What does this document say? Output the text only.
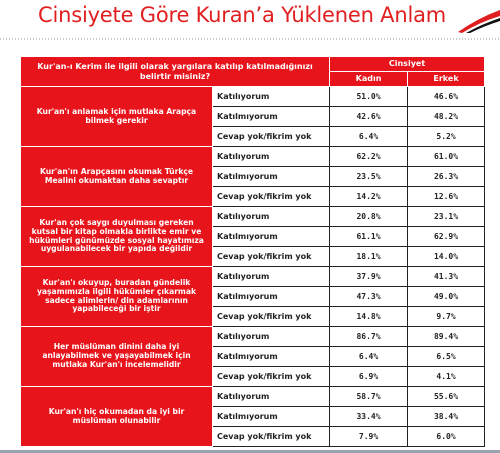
Cinsiyete Göre Kuran’a Yüklenen Anlam
Kur'an-ı Kerim ile ilgili olarak yargılara katılıp katılmadığınızı belirtir misiniz?		Cinsiyet	
		Kadın	Erkek
Kur'an'ı anlamak için mutlaka Arapça bilmek gerekir	Katılıyorum	51.0%	46.6%
	Katılmıyorum	42.6%	48.2%
	Cevap yok/fikrim yok	6.4%	5.2%
Kur'an'ın Arapçasını okumak Türkçe Mealini okumaktan daha sevaptır	Katılıyorum	62.2%	61.0%
	Katılmıyorum	23.5%	26.3%
	Cevap yok/fikrim yok	14.2%	12.6%
Kur'an çok saygı duyulması gereken kutsal bir kitap olmakla birlikte emir ve hükümleri günümüzde sosyal hayatımıza uygulanabilecek bir yapıda değildir	Katılıyorum	20.8%	23.1%
	Katılmıyorum	61.1%	62.9%
	Cevap yok/fikrim yok	18.1%	14.0%
Kur'an'ı okuyup, buradan gündelik yaşamımızla ilgili hükümler çıkarmak sadece alimlerin/ din adamlarının yapabileceği bir iştir	Katılıyorum	37.9%	41.3%
	Katılmıyorum	47.3%	49.0%
	Cevap yok/fikrim yok	14.8%	9.7%
Her müslüman dinini daha iyi anlayabilmek ve yaşayabilmek için mutlaka Kur'an'ı incelemelidir	Katılıyorum	86.7%	89.4%
	Katılmıyorum	6.4%	6.5%
	Cevap yok/fikrim yok	6.9%	4.1%
Kur'an'ı hiç okumadan da iyi bir müslüman olunabilir	Katılıyorum	58.7%	55.6%
	Katılmıyorum	33.4%	38.4%
	Cevap yok/fikrim yok	7.9%	6.0%
